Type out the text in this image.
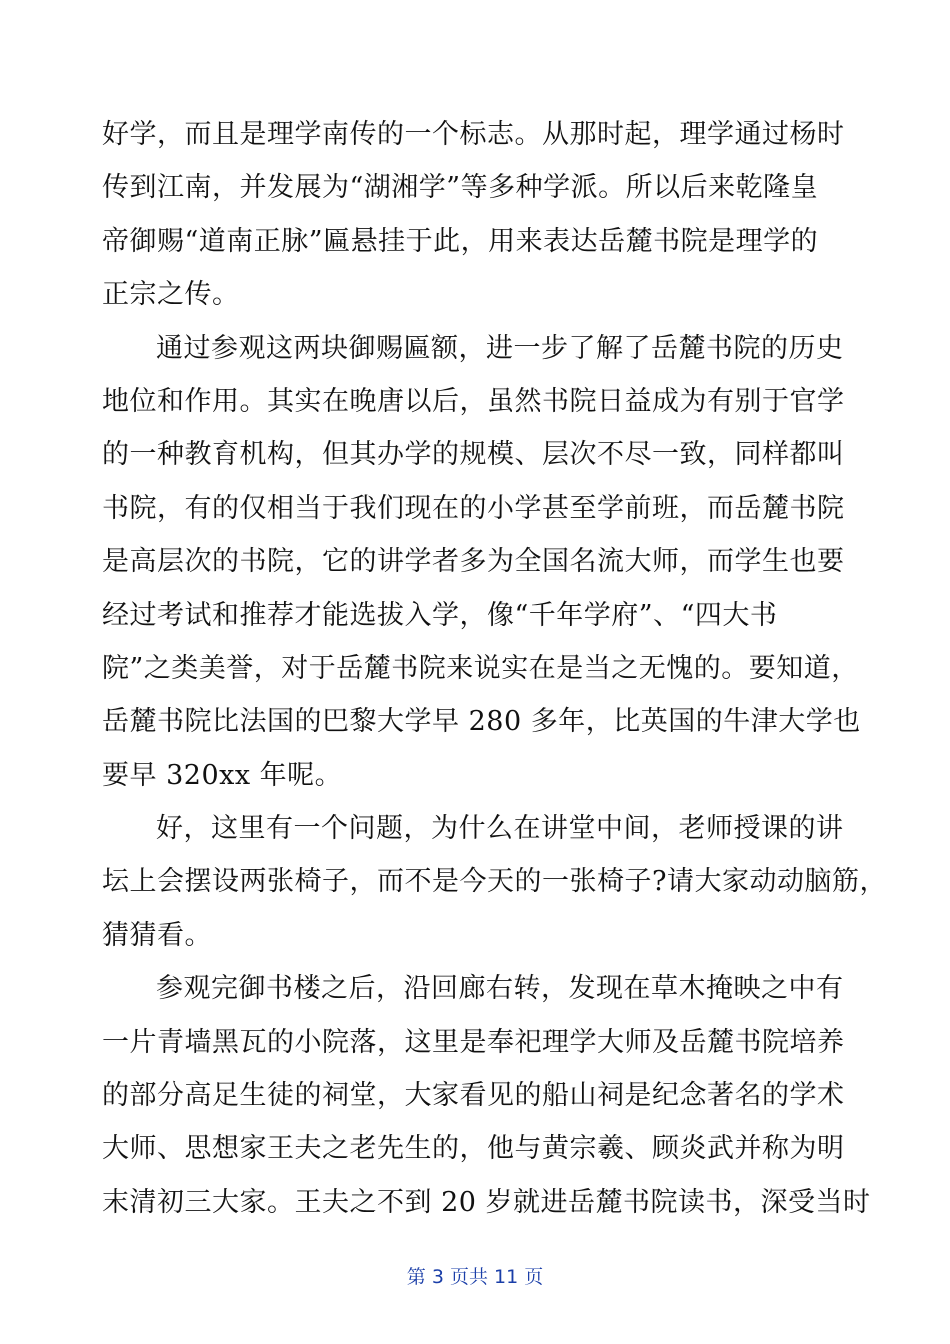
好学，而且是理学南传的一个标志。从那时起，理学通过杨时
传到江南，并发展为“湖湘学”等多种学派。所以后来乾隆皇
帝御赐“道南正脉”匾悬挂于此，用来表达岳麓书院是理学的
正宗之传。
通过参观这两块御赐匾额，进一步了解了岳麓书院的历史
地位和作用。其实在晚唐以后，虽然书院日益成为有别于官学
的一种教育机构，但其办学的规模、层次不尽一致，同样都叫
书院，有的仅相当于我们现在的小学甚至学前班，而岳麓书院
是高层次的书院，它的讲学者多为全国名流大师，而学生也要
经过考试和推荐才能选拔入学，像“千年学府”、“四大书
院”之类美誉，对于岳麓书院来说实在是当之无愧的。要知道，
岳麓书院比法国的巴黎大学早 280 多年，比英国的牛津大学也
要早 320xx 年呢。
好，这里有一个问题，为什么在讲堂中间，老师授课的讲
坛上会摆设两张椅子，而不是今天的一张椅子?请大家动动脑筋，
猜猜看。
参观完御书楼之后，沿回廊右转，发现在草木掩映之中有
一片青墙黑瓦的小院落，这里是奉祀理学大师及岳麓书院培养
的部分高足生徒的祠堂，大家看见的船山祠是纪念著名的学术
大师、思想家王夫之老先生的，他与黄宗羲、顾炎武并称为明
末清初三大家。王夫之不到 20 岁就进岳麓书院读书，深受当时
第 3 页共 11 页
